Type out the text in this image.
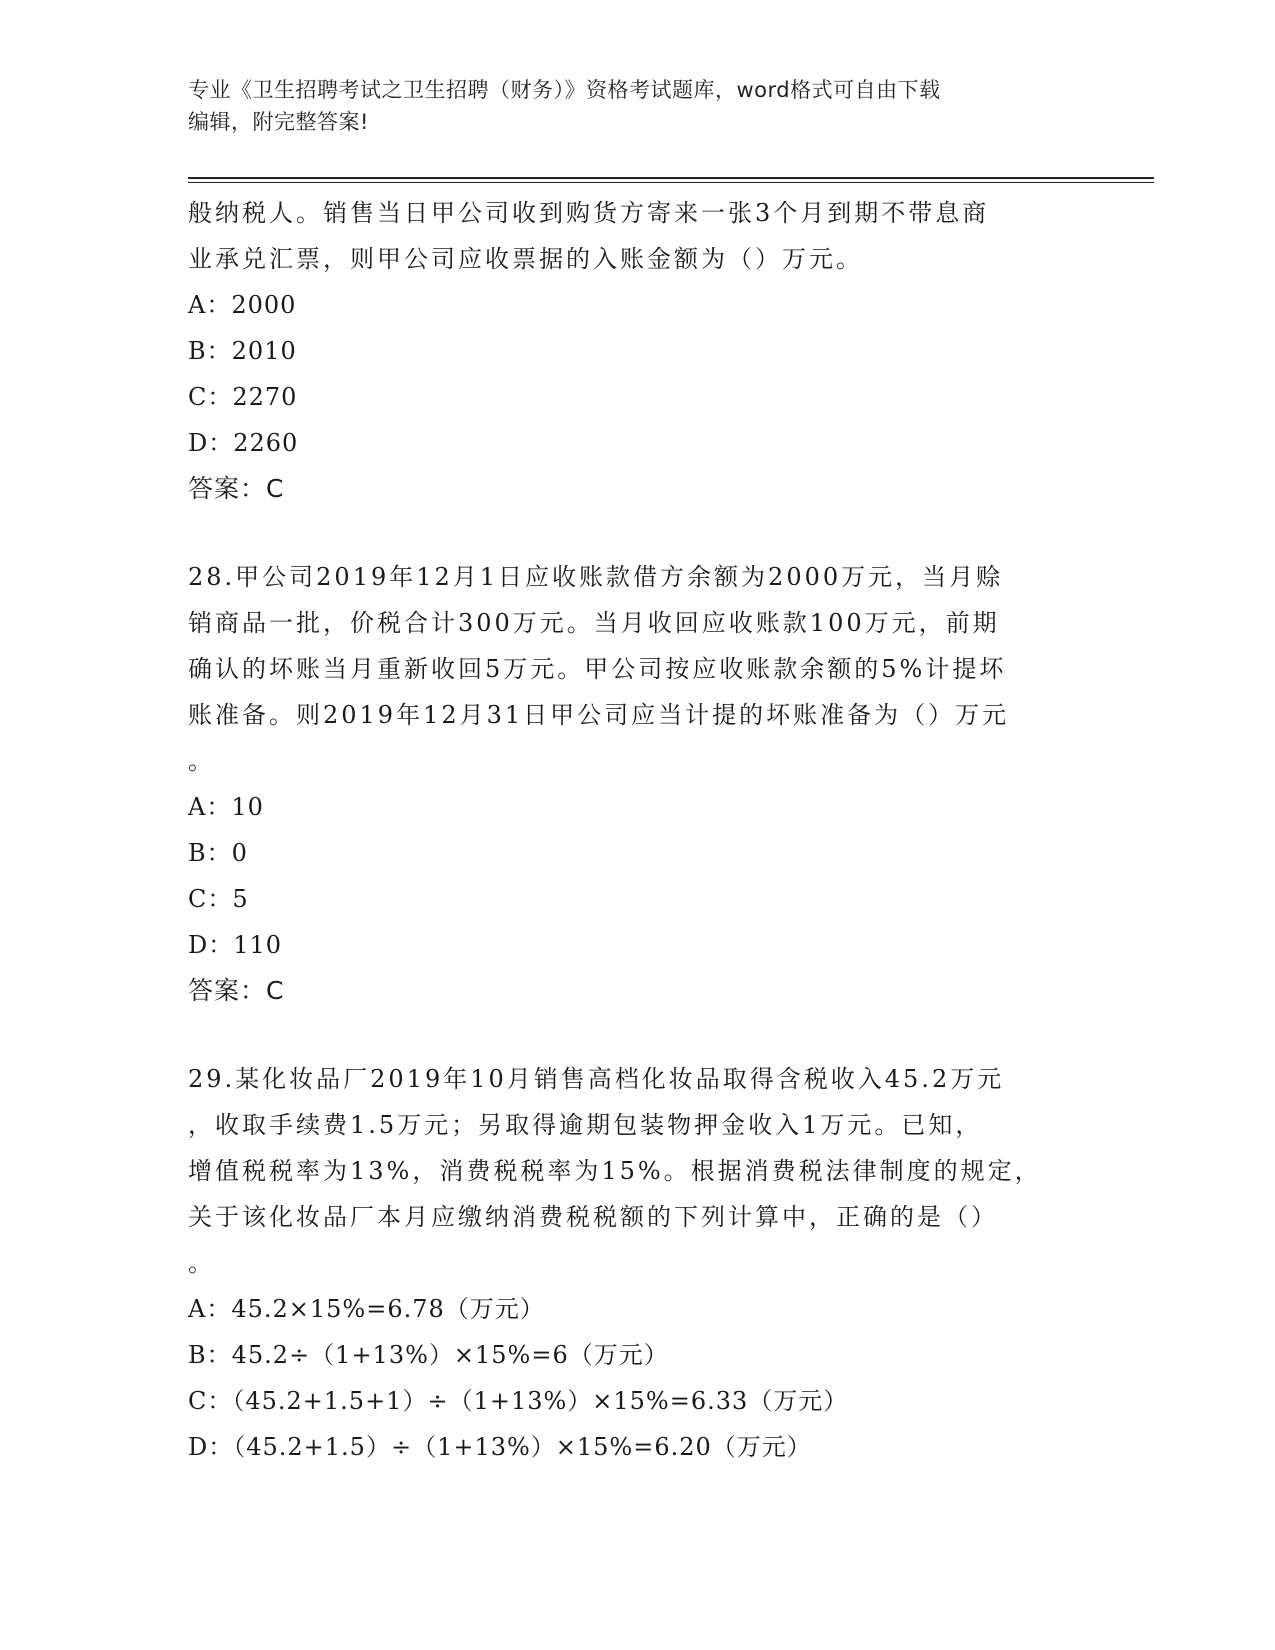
专业《卫生招聘考试之卫生招聘（财务）》资格考试题库，word格式可自由下载
编辑，附完整答案!
般纳税人。销售当日甲公司收到购货方寄来一张3个月到期不带息商
业承兑汇票，则甲公司应收票据的入账金额为（）万元。
A：2000
B：2010
C：2270
D：2260
答案：C
28.甲公司2019年12月1日应收账款借方余额为2000万元，当月赊
销商品一批，价税合计300万元。当月收回应收账款100万元，前期
确认的坏账当月重新收回5万元。甲公司按应收账款余额的5%计提坏
账准备。则2019年12月31日甲公司应当计提的坏账准备为（）万元
。
A：10
B：0
C：5
D：110
答案：C
29.某化妆品厂2019年10月销售高档化妆品取得含税收入45.2万元
，收取手续费1.5万元；另取得逾期包装物押金收入1万元。已知，
增值税税率为13%，消费税税率为15%。根据消费税法律制度的规定，
关于该化妆品厂本月应缴纳消费税税额的下列计算中，正确的是（）
。
A：45.2×15%=6.78（万元）
B：45.2÷（1+13%）×15%=6（万元）
C：（45.2+1.5+1）÷（1+13%）×15%=6.33（万元）
D：（45.2+1.5）÷（1+13%）×15%=6.20（万元）
